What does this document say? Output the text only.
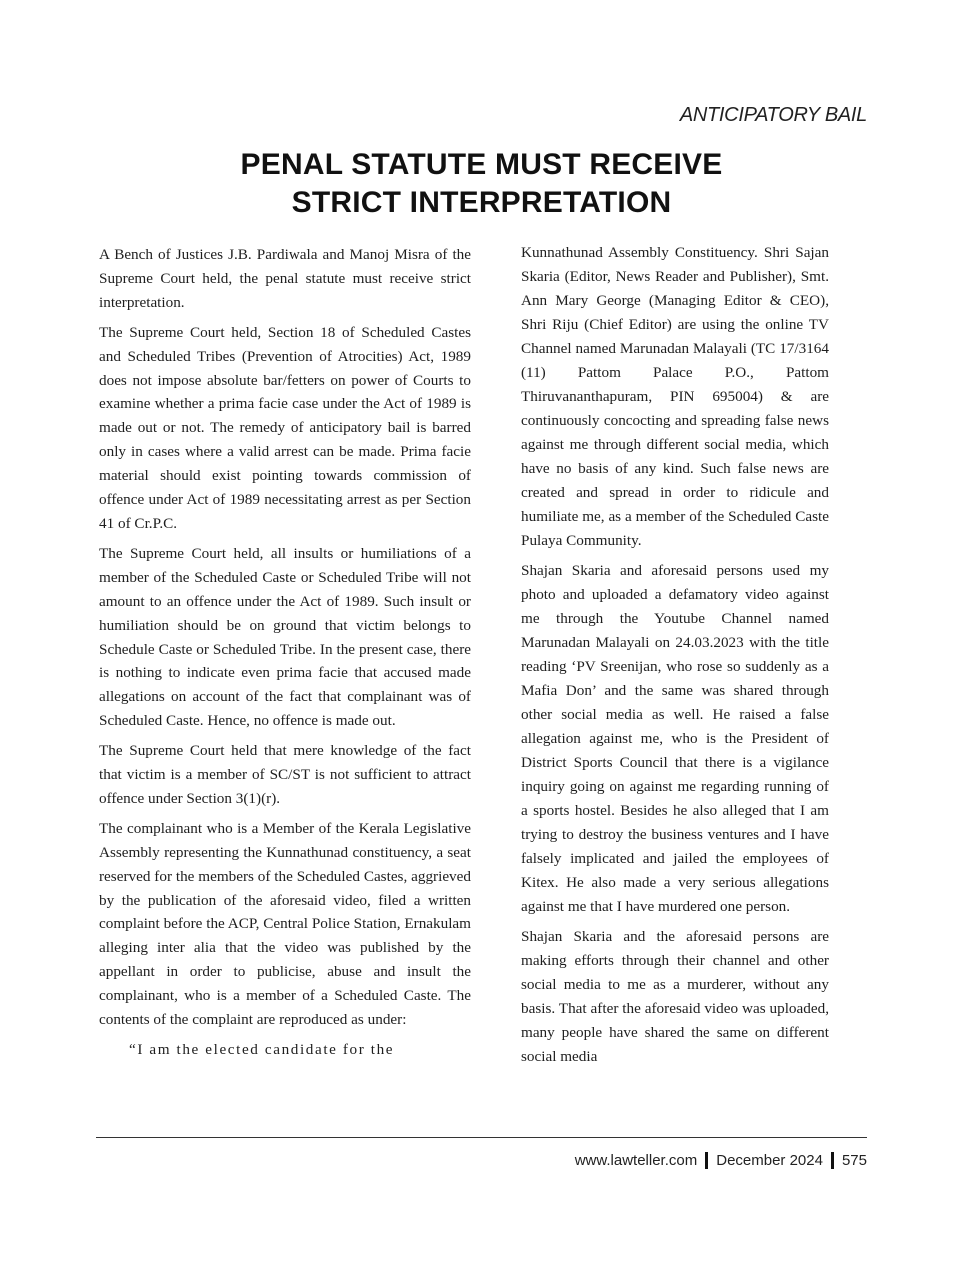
ANTICIPATORY BAIL
PENAL STATUTE MUST RECEIVE
STRICT INTERPRETATION

A Bench of Justices J.B. Pardiwala and Manoj Misra of the Supreme Court held, the penal statute must receive strict interpretation.

The Supreme Court held, Section 18 of Scheduled Castes and Scheduled Tribes (Prevention of Atrocities) Act, 1989 does not impose absolute bar/fetters on power of Courts to examine whether a prima facie case under the Act of 1989 is made out or not. The remedy of anticipatory bail is barred only in cases where a valid arrest can be made. Prima facie material should exist pointing towards commission of offence under Act of 1989 necessitating arrest as per Section 41 of Cr.P.C.

The Supreme Court held, all insults or humiliations of a member of the Scheduled Caste or Scheduled Tribe will not amount to an offence under the Act of 1989. Such insult or humiliation should be on ground that victim belongs to Schedule Caste or Scheduled Tribe. In the present case, there is nothing to indicate even prima facie that accused made allegations on account of the fact that complainant was of Scheduled Caste. Hence, no offence is made out.

The Supreme Court held that mere knowledge of the fact that victim is a member of SC/ST is not sufficient to attract offence under Section 3(1)(r).

The complainant who is a Member of the Kerala Legislative Assembly representing the Kunnathunad constituency, a seat reserved for the members of the Scheduled Castes, aggrieved by the publication of the aforesaid video, filed a written complaint before the ACP, Central Police Station, Ernakulam alleging inter alia that the video was published by the appellant in order to publicise, abuse and insult the complainant, who is a member of a Scheduled Caste. The contents of the complaint are reproduced as under:

“I am the elected candidate for the

Kunnathunad Assembly Constituency. Shri Sajan Skaria (Editor, News Reader and Publisher), Smt. Ann Mary George (Managing Editor & CEO), Shri Riju (Chief Editor) are using the online TV Channel named Marunadan Malayali (TC 17/3164 (11) Pattom Palace P.O., Pattom Thiruvananthapuram, PIN 695004) & are continuously concocting and spreading false news against me through different social media, which have no basis of any kind. Such false news are created and spread in order to ridicule and humiliate me, as a member of the Scheduled Caste Pulaya Community.

Shajan Skaria and aforesaid persons used my photo and uploaded a defamatory video against me through the Youtube Channel named Marunadan Malayali on 24.03.2023 with the title reading ‘PV Sreenijan, who rose so suddenly as a Mafia Don’ and the same was shared through other social media as well. He raised a false allegation against me, who is the President of District Sports Council that there is a vigilance inquiry going on against me regarding running of a sports hostel. Besides he also alleged that I am trying to destroy the business ventures and I have falsely implicated and jailed the employees of Kitex. He also made a very serious allegations against me that I have murdered one person.

Shajan Skaria and the aforesaid persons are making efforts through their channel and other social media to me as a murderer, without any basis. That after the aforesaid video was uploaded, many people have shared the same on different social media

www.lawteller.com December 2024 575
